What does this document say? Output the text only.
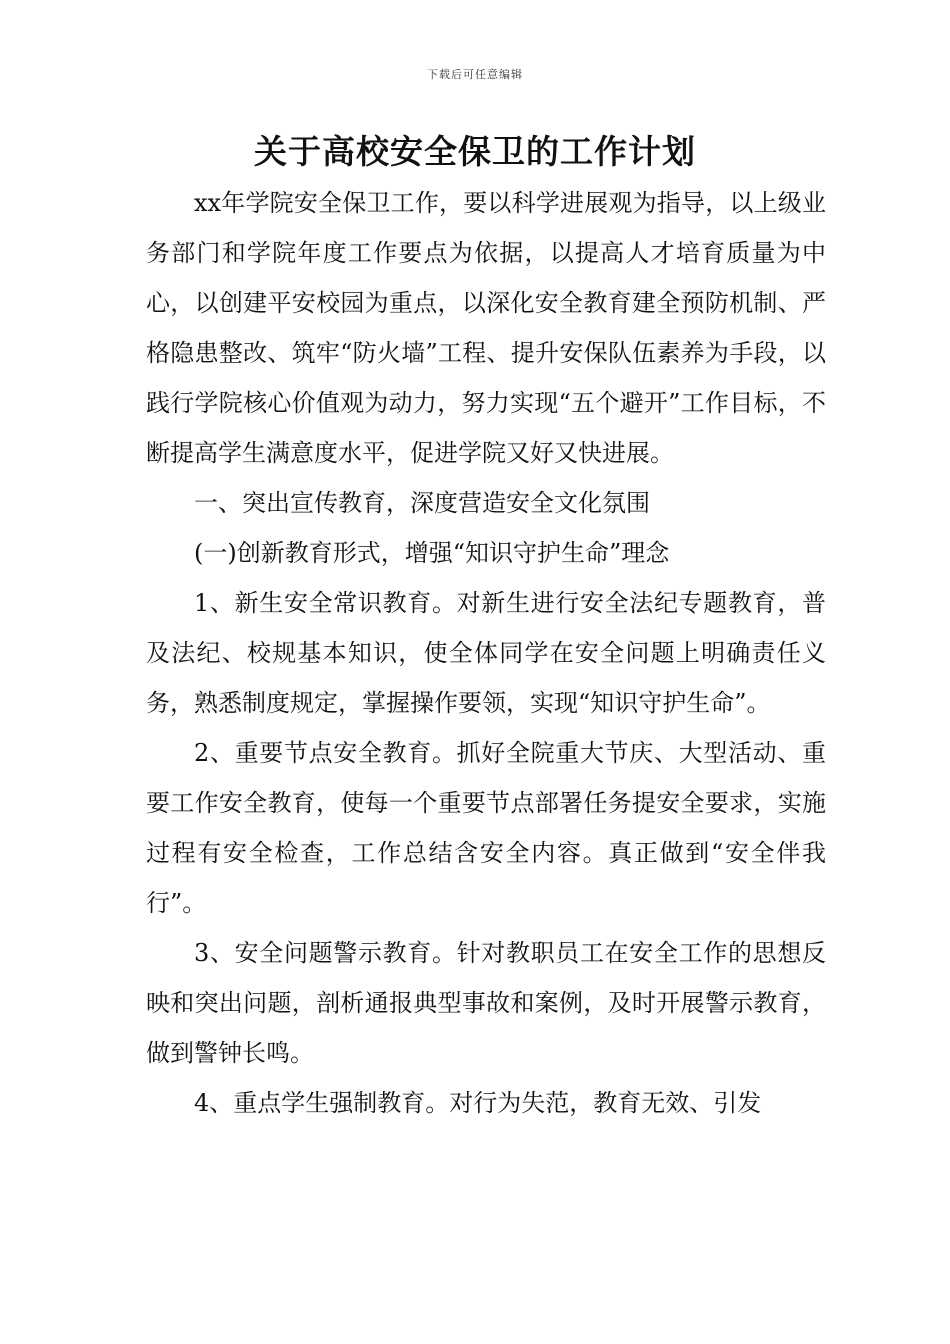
下载后可任意编辑
关于高校安全保卫的工作计划

xx年学院安全保卫工作，要以科学进展观为指导，以上级业务部门和学院年度工作要点为依据，以提高人才培育质量为中心，以创建平安校园为重点，以深化安全教育建全预防机制、严格隐患整改、筑牢“防火墙”工程、提升安保队伍素养为手段，以践行学院核心价值观为动力，努力实现“五个避开”工作目标，不断提高学生满意度水平，促进学院又好又快进展。

一、突出宣传教育，深度营造安全文化氛围

(一)创新教育形式，增强“知识守护生命”理念

1、新生安全常识教育。对新生进行安全法纪专题教育，普及法纪、校规基本知识，使全体同学在安全问题上明确责任义务，熟悉制度规定，掌握操作要领，实现“知识守护生命”。

2、重要节点安全教育。抓好全院重大节庆、大型活动、重要工作安全教育，使每一个重要节点部署任务提安全要求，实施过程有安全检查，工作总结含安全内容。真正做到“安全伴我行”。

3、安全问题警示教育。针对教职员工在安全工作的思想反映和突出问题，剖析通报典型事故和案例，及时开展警示教育，做到警钟长鸣。

4、重点学生强制教育。对行为失范，教育无效、引发
